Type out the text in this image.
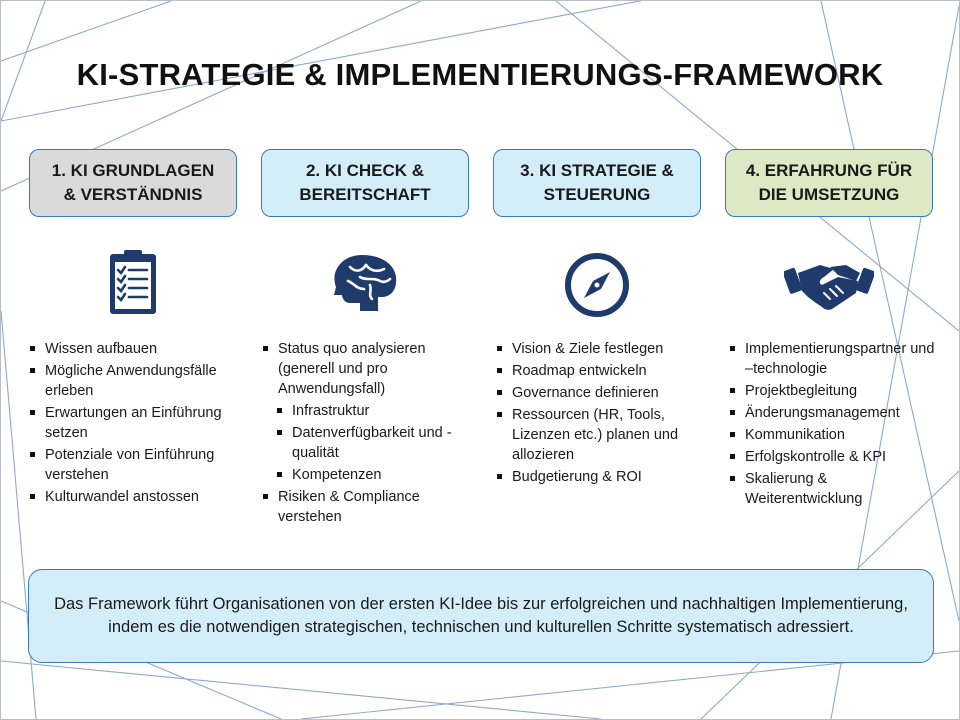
KI-STRATEGIE & IMPLEMENTIERUNGS-FRAMEWORK
1. KI GRUNDLAGEN
& VERSTÄNDNIS
2. KI CHECK &
BEREITSCHAFT
3. KI STRATEGIE &
STEUERUNG
4. ERFAHRUNG FÜR
DIE UMSETZUNG
Wissen aufbauen
Mögliche Anwendungsfälle erleben
Erwartungen an Einführung setzen
Potenziale von Einführung verstehen
Kulturwandel anstossen
Status quo analysieren (generell und pro Anwendungsfall)
Infrastruktur
Datenverfügbarkeit und -qualität
Kompetenzen
Risiken & Compliance verstehen
Vision & Ziele festlegen
Roadmap entwickeln
Governance definieren
Ressourcen (HR, Tools, Lizenzen etc.) planen und allozieren
Budgetierung & ROI
Implementierungspartner und –technologie
Projektbegleitung
Änderungsmanagement
Kommunikation
Erfolgskontrolle & KPI
Skalierung & Weiterentwicklung
Das Framework führt Organisationen von der ersten KI-Idee bis zur erfolgreichen und nachhaltigen Implementierung, indem es die notwendigen strategischen, technischen und kulturellen Schritte systematisch adressiert.
